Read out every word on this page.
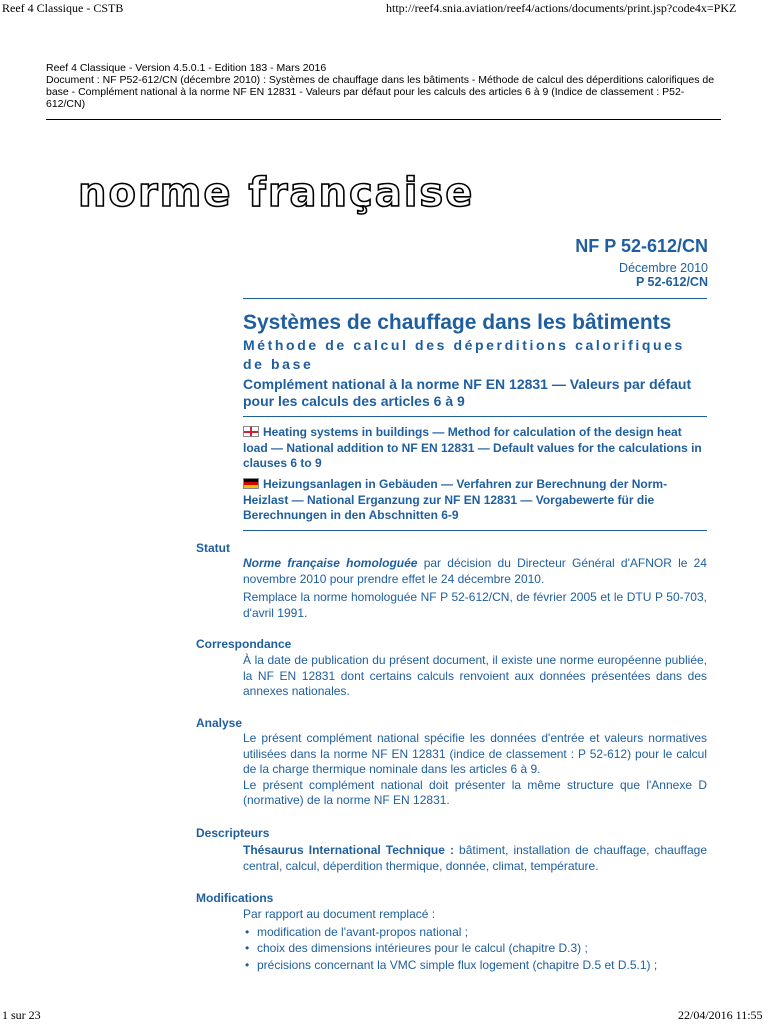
Reef 4 Classique - CSTB	http://reef4.snia.aviation/reef4/actions/documents/print.jsp?code4x=PKZ
Reef 4 Classique - Version 4.5.0.1 - Edition 183 - Mars 2016
Document : NF P52-612/CN (décembre 2010) : Systèmes de chauffage dans les bâtiments - Méthode de calcul des déperditions calorifiques de base - Complément national à la norme NF EN 12831 - Valeurs par défaut pour les calculs des articles 6 à 9 (Indice de classement : P52-612/CN)
norme française
NF P 52-612/CN
Décembre 2010
P 52-612/CN
Systèmes de chauffage dans les bâtiments
Méthode de calcul des déperditions calorifiques de base
Complément national à la norme NF EN 12831 — Valeurs par défaut pour les calculs des articles 6 à 9
Heating systems in buildings — Method for calculation of the design heat load — National addition to NF EN 12831 — Default values for the calculations in clauses 6 to 9
Heizungsanlagen in Gebäuden — Verfahren zur Berechnung der Norm-Heizlast — National Erganzung zur NF EN 12831 — Vorgabewerte für die Berechnungen in den Abschnitten 6-9
Statut

Norme française homologuée par décision du Directeur Général d'AFNOR le 24 novembre 2010 pour prendre effet le 24 décembre 2010.

Remplace la norme homologuée NF P 52-612/CN, de février 2005 et le DTU P 50-703, d'avril 1991.

Correspondance

À la date de publication du présent document, il existe une norme européenne publiée, la NF EN 12831 dont certains calculs renvoient aux données présentées dans des annexes nationales.

Analyse

Le présent complément national spécifie les données d'entrée et valeurs normatives utilisées dans la norme NF EN 12831 (indice de classement : P 52-612) pour le calcul de la charge thermique nominale dans les articles 6 à 9.

Le présent complément national doit présenter la même structure que l'Annexe D (normative) de la norme NF EN 12831.

Descripteurs

Thésaurus International Technique : bâtiment, installation de chauffage, chauffage central, calcul, déperdition thermique, donnée, climat, température.

Modifications

Par rapport au document remplacé :

• modification de l'avant-propos national ;
• choix des dimensions intérieures pour le calcul (chapitre D.3) ;
• précisions concernant la VMC simple flux logement (chapitre D.5 et D.5.1) ;
1 sur 23	22/04/2016 11:55
